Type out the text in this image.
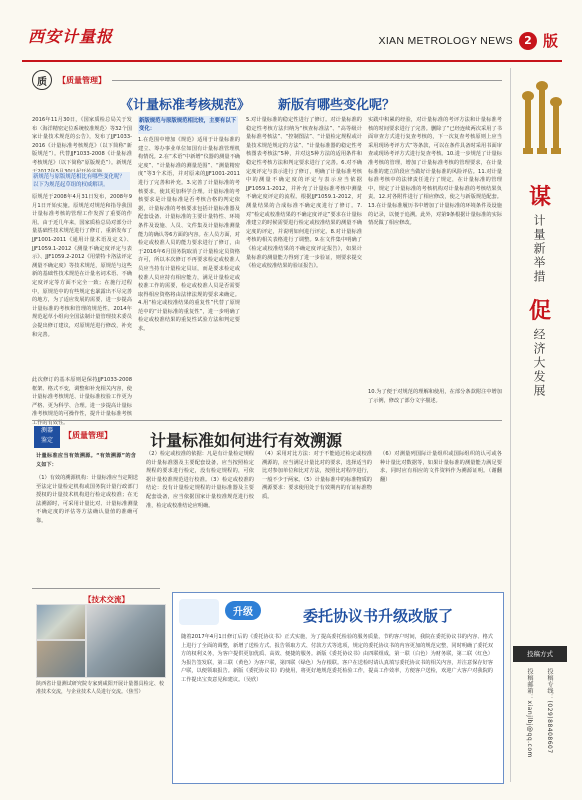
西安计量报	XIAN METROLOGY NEWS	2 版
质	【质量管理】
《计量标准考核规范》 新版有哪些变化呢？
2016年11月30日，《国家质检总局关于发布〈海洋精密定位系统校准规范〉等32个国家计量技术规范的公告》，发布了JJF1033-2016《计量标准考核规范》（以下简称“新版规范”）。代替JJF1033-2008《计量标准考核规范》（以下简称“原版规范”）。新规范
新规范与原版规范相比有哪些变化呢？以下为规范起草组的权威解读。
原规范于2008年4月31日发布，2008年9月1日开始实施。原规范对规范和指导我国计量标准考核的管理工作发挥了重要的作用。由于近几年来，国家质检总局对部分计量基础性技术规范进行了修订，重新发布了JJF1001-2011《通用计量术语及定义》、JJF1059.1-2012《测量不确定度评定与表示》、JJF1059.2-2012《用蒙特卡洛法评定测量不确定度》等技术规范，原规范与这些新的基础性技术规范在计量名词术语、不确定度评定等方面不完全一致；在施行过程中，原规范中的有些规定也暴露出不尽完善的地方，为了适应发展的需要，进一步提高计量标准的考核和管理的规范性，2014年规范起草小组向全国法制计量管理技术委员会提出修订建议，对原规范进行修改，补充和完善。
此次修订的基本原则是保持JJF1033-2008框架、格式不变，调整和补充相关内容，使计量标准考核规范、计量标准校验工作更为严格、更为科学、合理。进一步提高计量标准考核规范的可操作性，提升计量标准考核工作的有效性。
新版规范与原版规范相比较，主要有以下变化：
1.在范围中增加《规范》适用于计量标准的建立、筹办事业单位如国有计量标准管理机构情况。2.在“术语”中新增“仪器的测量不确定度”、“计量标准的测量范围”、“测量精密度”等3个术语，并对原来的JJF1001-2011进行了完善和补充。3.完善了计量标准的考核要求，使其更加科学合理。计量标准的考核要求是计量标准是否考核合格的判定依据，计量标准的考核要求包括计量标准器及配套设备、计量标准的主要计量特性、环境条件及设施、人员、文件集及计量标准测量能力的确认等6方面的内容。在人员方面，对检定或校准人员的能力要求进行了修订，由于2016年6月国务院取消了计量检定员资格许可，所以本次修订不再要求检定或校准人员应当持有计量检定员证，而是要求检定或校准人员应持有相应能力，满足计量检定或校准工作的需要，检定或校准人员是否需要取得相应资格将由法律法规的要求来确定。4.用“检定或校准结果的重复性”代替了原规范中的“计量标准的重复性”，进一步明确了检定或校准结果的重复性试验方法和判定要求。
5.对计量标准的稳定性进行了修订。对计量标准的稳定性考核方法归纳为“核查标准法”、“高等级计量标准考核法”、“控制图法”、“计量检定规程或计量技术规范规定的方法”、“计量标准器的稳定性考核图表考核法”5种，并对这5种方法的适用条件和稳定性考核方法和判定要求进行了完善。6.对不确定度评定与表示进行了修订，明确了计量标准考核中的测量不确定度的评定与表示应当依据JJF1059.1-2012，并补充了计量标准考核中测量不确定度评定的流程。根据JJF1059.1-2012，对测量结果的合成标准不确定度进行了修订。7.对“检定或校准结果的不确定度评定”要求在计量标准建立的时候需要进行检定或校准结果的测量不确定度的评定，并说明如何进行评定。8.对计量标准考核的相关表格进行了调整。9.在文件集中明确了《检定或校准结果的不确定度评定报告》，如果计量标准的测量能力得到了进一步验证，则要求提交《检定或校准结果的验证报告》。
实践中积累的经验，对计量标准的考评方法和计量标准考核的时间要求进行了完善。删除了“已经连续两次采用了书面审查方式进行复查考核的，下一次复查考核原则上应当采用现场考评方式”等条款，可以在条件具备时采用书面审查或现场考评方式进行复查考核。10.进一步规范了计量标准考核的管理，增加了计量标准考核的管理要求，在计量标准的建立阶段应当做好计量标准的风险评估。11.对计量标准考核中的法律责任进行了规定，在计量标准的管理中，规定了计量标准的考核机构对计量标准的考核结果负责。12.对各附件进行了相应修改，使之与新版规范配套。13.在计量标准履历书中增加了计量标准的环境条件及设施的记录，以便于追溯。此外，对第9条根据计量标准的实际情况做了相应修改。
10.为了便于对规范的理解和使用，在部分条款附注中增加了示例，修改了部分文字描述。
测器
鉴定
【质量管理】 计量标准如何进行有效溯源
计量标准应当有效溯源。“有效溯源”的含义如下：
（1）有效的溯源机构：计量标准应当定期送至法定计量检定机构或国务院计量行政部门授权的计量技术机构进行检定或校准；在无法溯源时，可采用计量比对、计量标准测量不确定度的评估等方法确认量值的准确可靠。
（2）检定或校准的依据：凡是有计量检定规程的计量标准器及主要配套设备，应当按照检定规程的要求进行检定，没有检定规程的，可依据计量校准规范进行校准。（3）检定或校准的结论：没有计量检定规程的计量标准器及主要配套设备，应当依据国家计量校准规范进行校准，检定或校准结论应明确。
（4）采用对比方法：对于不能通过检定或校准溯源的，应当满足计量比对的要求，选择适当的比对参加单位和比对方法，按照比对程序进行，一般不少于两家。（5）计量标准中的标准物质的溯源要求：要求使用处于有效期内的有证标准物质。
（6）对测量列国际计量组织或国际组织的认可或各种计量比对数据等，如果计量标准的测量能力满足要求，同时应有相应的文件资料作为溯源证明。（谢翻翻）
【技术交流】
陕西省计量测试研究院专家到咸阳开展计量器具检定、校准技术交流，与企业技术人员进行交流。（焦雪）
升级	委托协议书升级改版了
随着2017年4月1日修订后的《委托协议书》正式实施，为了提高委托检验的服务质量，节约客户时间，我院在委托协议书的内容、格式上进行了全面的调整，新增了送检方式、报告领取方式、付款方式等选项，规定的委托协议书的内容更加的规范完整，同时明确了委托双方的权利义务，为客户提供更加优质、高效、便捷的服务。新版《委托协议书》由四联组成，第一联（白色）为财务联，第二联（红色）为报告签发联，第三联（黄色）为客户联，第四联（绿色）为存根联。客户在送检时请认真填写委托协议书的相关内容，并注意保存好客户联，以便领取报告。新版《委托协议书》的使用，将更好地规范委托检验工作，提高工作效率，方便客户送检，欢迎广大客户对我院的工作提出宝贵意见和建议。（吴欣）
谋
计量新举措
促
经济大发展
投稿方式
投稿专线：(029)88408607
投稿邮箱：xianjlbj@qq.com
